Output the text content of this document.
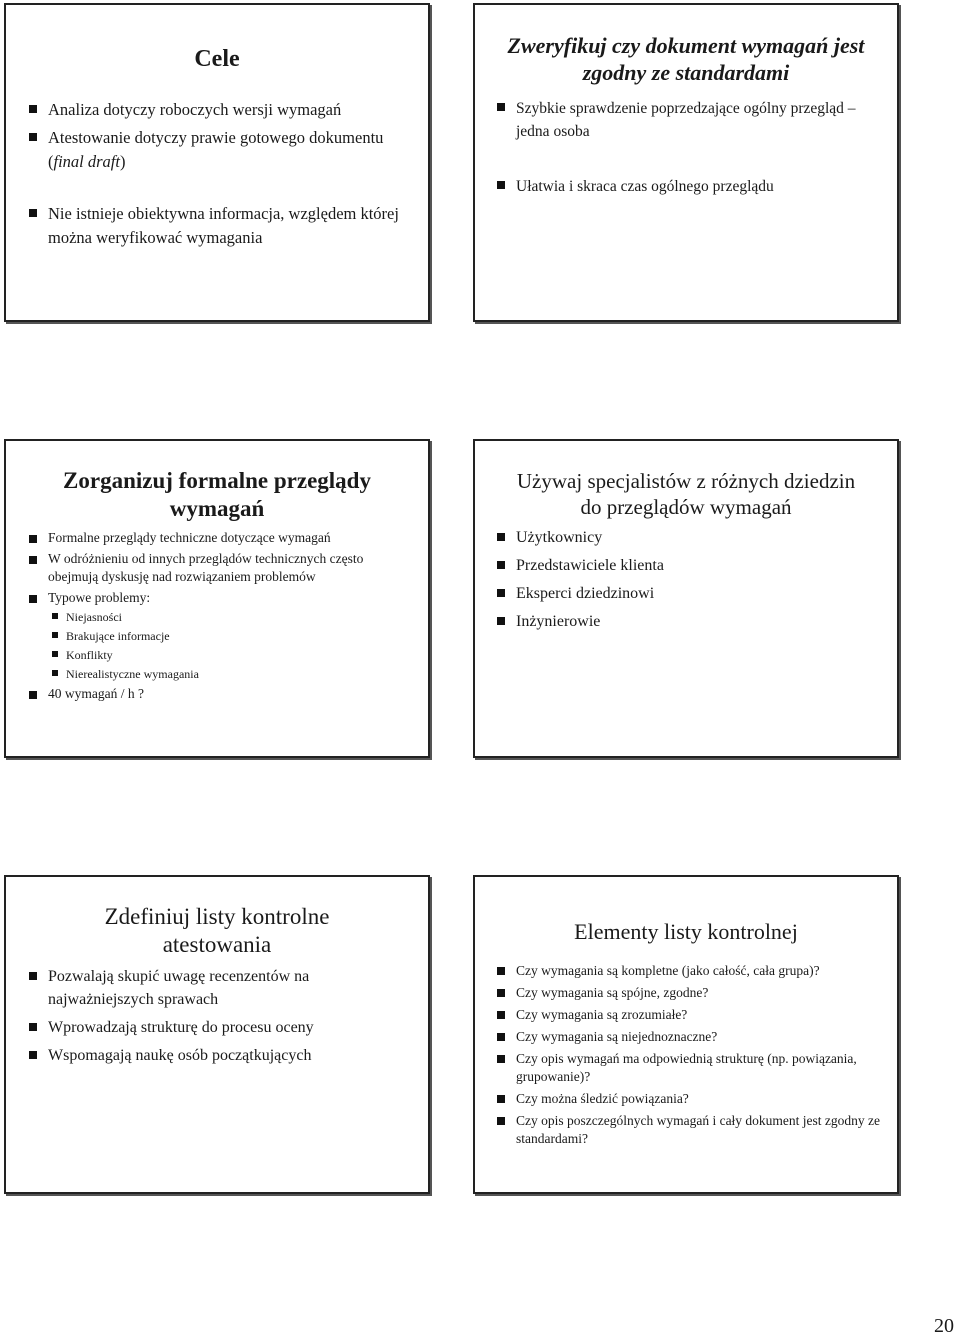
Cele
Analiza dotyczy roboczych wersji wymagań
Atestowanie dotyczy prawie gotowego dokumentu (final draft)
Nie istnieje obiektywna informacja, względem której można weryfikować wymagania
Zweryfikuj czy dokument wymagań jest zgodny ze standardami
Szybkie sprawdzenie poprzedzające ogólny przegląd – jedna osoba
Ułatwia i skraca czas ogólnego przeglądu
Zorganizuj formalne przeglądy wymagań
Formalne przeglądy techniczne dotyczące wymagań
W odróżnieniu od innych przeglądów technicznych często obejmują dyskusję nad rozwiązaniem problemów
Typowe problemy:
Niejasności
Brakujące informacje
Konflikty
Nierealistyczne wymagania
40 wymagań / h ?
Używaj specjalistów z różnych dziedzin do przeglądów wymagań
Użytkownicy
Przedstawiciele klienta
Eksperci dziedzinowi
Inżynierowie
Zdefiniuj listy kontrolne atestowania
Pozwalają skupić uwagę recenzentów na najważniejszych sprawach
Wprowadzają strukturę do procesu oceny
Wspomagają naukę osób początkujących
Elementy listy kontrolnej
Czy wymagania są kompletne (jako całość, cała grupa)?
Czy wymagania są spójne, zgodne?
Czy wymagania są zrozumiałe?
Czy wymagania są niejednoznaczne?
Czy opis wymagań ma odpowiednią strukturę (np. powiązania, grupowanie)?
Czy można śledzić powiązania?
Czy opis poszczególnych wymagań i cały dokument jest zgodny ze standardami?
20
